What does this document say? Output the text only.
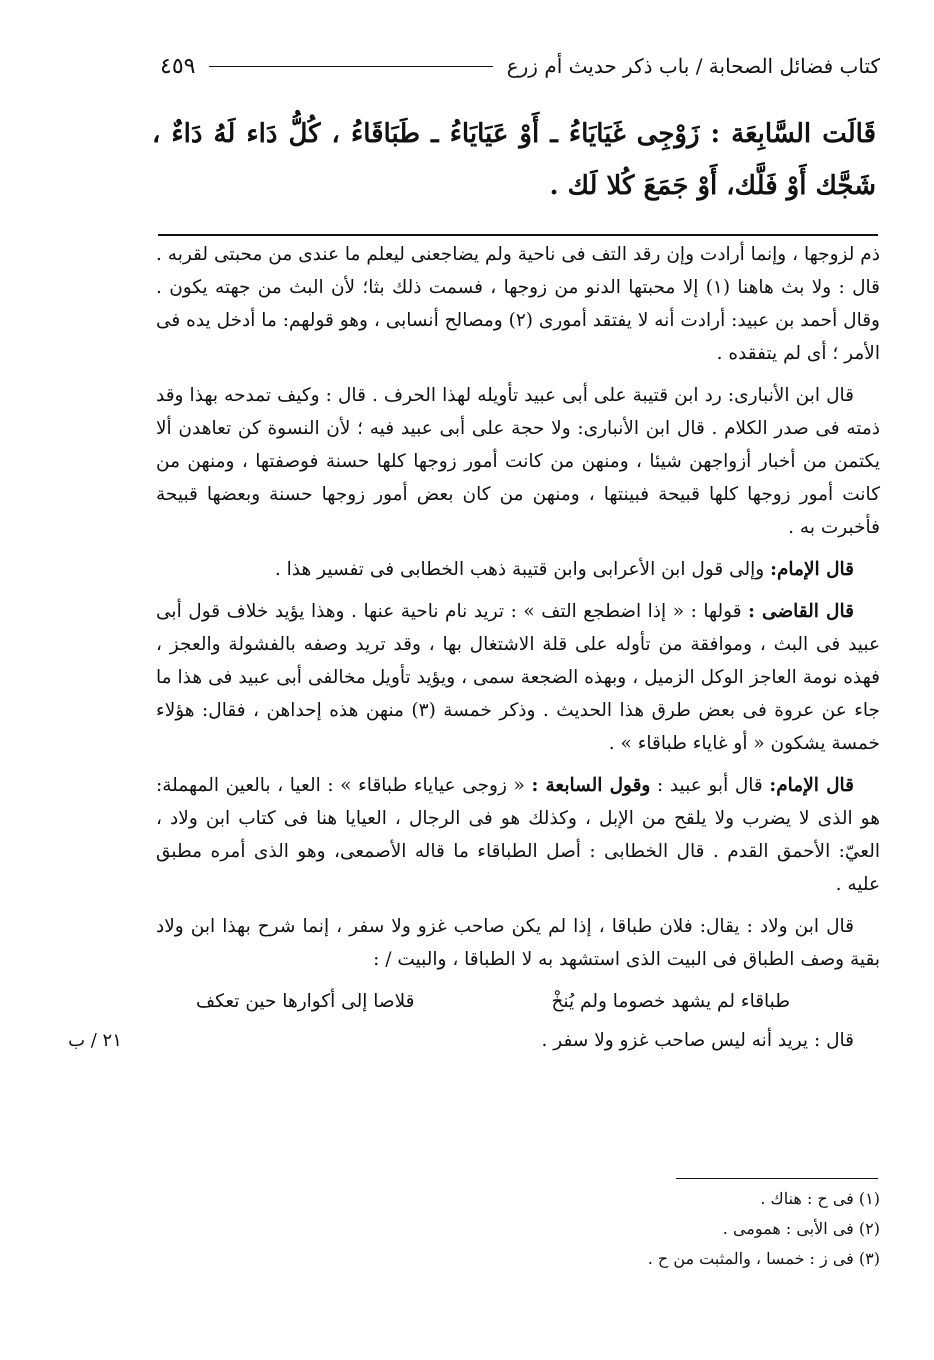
كتاب فضائل الصحابة / باب ذكر حديث أم زرع
٤٥٩
قَالَت السَّابِعَة : زَوْجِى غَيَايَاءُ ـ أَوْ عَيَايَاءُ ـ طَبَاقَاءُ ، كُلُّ دَاء لَهُ دَاءٌ ، شَجَّك أَوْ فَلَّك، أَوْ جَمَعَ كُلا لَك .

ذم لزوجها ، وإنما أرادت وإن رقد التف فى ناحية ولم يضاجعنى ليعلم ما عندى من محبتى لقربه . قال : ولا بث هاهنا (١) إلا محبتها الدنو من زوجها ، فسمت ذلك بثا؛ لأن البث من جهته يكون . وقال أحمد بن عبيد: أرادت أنه لا يفتقد أمورى (٢) ومصالح أنسابى ، وهو قولهم: ما أدخل يده فى الأمر ؛ أى لم يتفقده .

قال ابن الأنبارى: رد ابن قتيبة على أبى عبيد تأويله لهذا الحرف . قال : وكيف تمدحه بهذا وقد ذمته فى صدر الكلام . قال ابن الأنبارى: ولا حجة على أبى عبيد فيه ؛ لأن النسوة كن تعاهدن ألا يكتمن من أخبار أزواجهن شيئا ، ومنهن من كانت أمور زوجها كلها حسنة فوصفتها ، ومنهن من كانت أمور زوجها كلها قبيحة فبينتها ، ومنهن من كان بعض أمور زوجها حسنة وبعضها قبيحة فأخبرت به .

قال الإمام: وإلى قول ابن الأعرابى وابن قتيبة ذهب الخطابى فى تفسير هذا .

قال القاضى : قولها : « إذا اضطجع التف » : تريد نام ناحية عنها . وهذا يؤيد خلاف قول أبى عبيد فى البث ، وموافقة من تأوله على قلة الاشتغال بها ، وقد تريد وصفه بالفشولة والعجز ، فهذه نومة العاجز الوكل الزميل ، وبهذه الضجعة سمى ، ويؤيد تأويل مخالفى أبى عبيد فى هذا ما جاء عن عروة فى بعض طرق هذا الحديث . وذكر خمسة (٣) منهن هذه إحداهن ، فقال: هؤلاء خمسة يشكون « أو غاياء طباقاء » .

قال الإمام: قال أبو عبيد : وقول السابعة : « زوجى عياياء طباقاء » : العيا ، بالعين المهملة: هو الذى لا يضرب ولا يلقح من الإبل ، وكذلك هو فى الرجال ، العيايا هنا فى كتاب ابن ولاد ، العيّ: الأحمق القدم . قال الخطابى : أصل الطباقاء ما قاله الأصمعى، وهو الذى أمره مطبق عليه .

قال ابن ولاد : يقال: فلان طباقا ، إذا لم يكن صاحب غزو ولا سفر ، إنما شرح بهذا ابن ولاد بقية وصف الطباق فى البيت الذى استشهد به لا الطباقا ، والبيت / :

طباقاء لم يشهد خصوما ولم يُنخْ
قلاصا إلى أكوارها حين تعكف

قال : يريد أنه ليس صاحب غزو ولا سفر .

٢١ / ب
(١) فى ح : هناك .
(٢) فى الأبى : همومى .
(٣) فى ز : خمسا ، والمثبت من ح .
